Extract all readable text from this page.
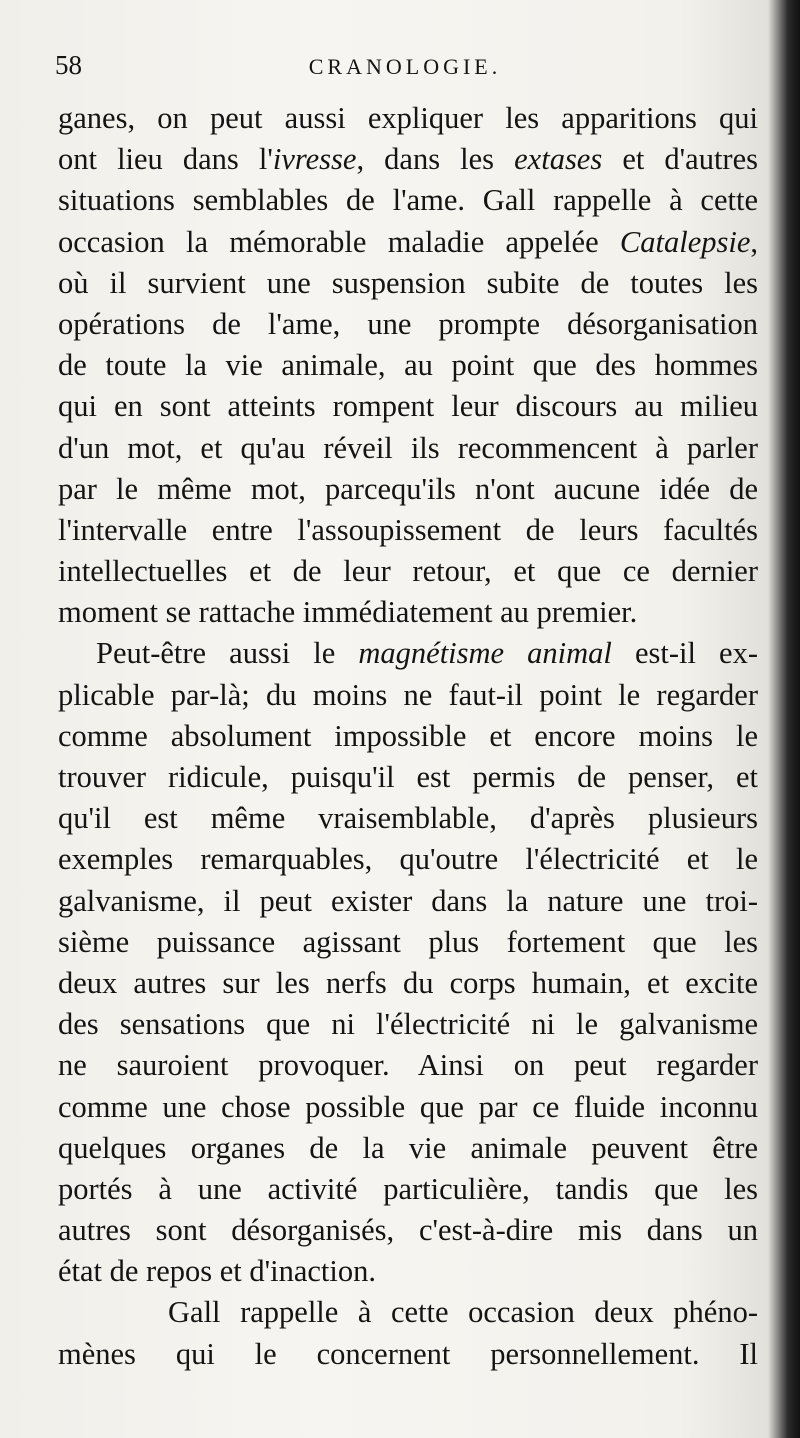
58	CRANOLOGIE.
ganes, on peut aussi expliquer les apparitions qui
ont lieu dans l'ivresse, dans les extases et d'autres
situations semblables de l'ame. Gall rappelle à cette
occasion la mémorable maladie appelée Catalepsie,
où il survient une suspension subite de toutes les
opérations de l'ame, une prompte désorganisation
de toute la vie animale, au point que des hommes
qui en sont atteints rompent leur discours au milieu
d'un mot, et qu'au réveil ils recommencent à parler
par le même mot, parcequ'ils n'ont aucune idée de
l'intervalle entre l'assoupissement de leurs facultés
intellectuelles et de leur retour, et que ce dernier
moment se rattache immédiatement au premier.
Peut-être aussi le magnétisme animal est-il ex-
plicable par-là; du moins ne faut-il point le regarder
comme absolument impossible et encore moins le
trouver ridicule, puisqu'il est permis de penser, et
qu'il est même vraisemblable, d'après plusieurs
exemples remarquables, qu'outre l'électricité et le
galvanisme, il peut exister dans la nature une troi-
sième puissance agissant plus fortement que les
deux autres sur les nerfs du corps humain, et excite
des sensations que ni l'électricité ni le galvanisme
ne sauroient provoquer. Ainsi on peut regarder
comme une chose possible que par ce fluide inconnu
quelques organes de la vie animale peuvent être
portés à une activité particulière, tandis que les
autres sont désorganisés, c'est-à-dire mis dans un
état de repos et d'inaction.
Gall rappelle à cette occasion deux phéno-
mènes qui le concernent personnellement. Il
